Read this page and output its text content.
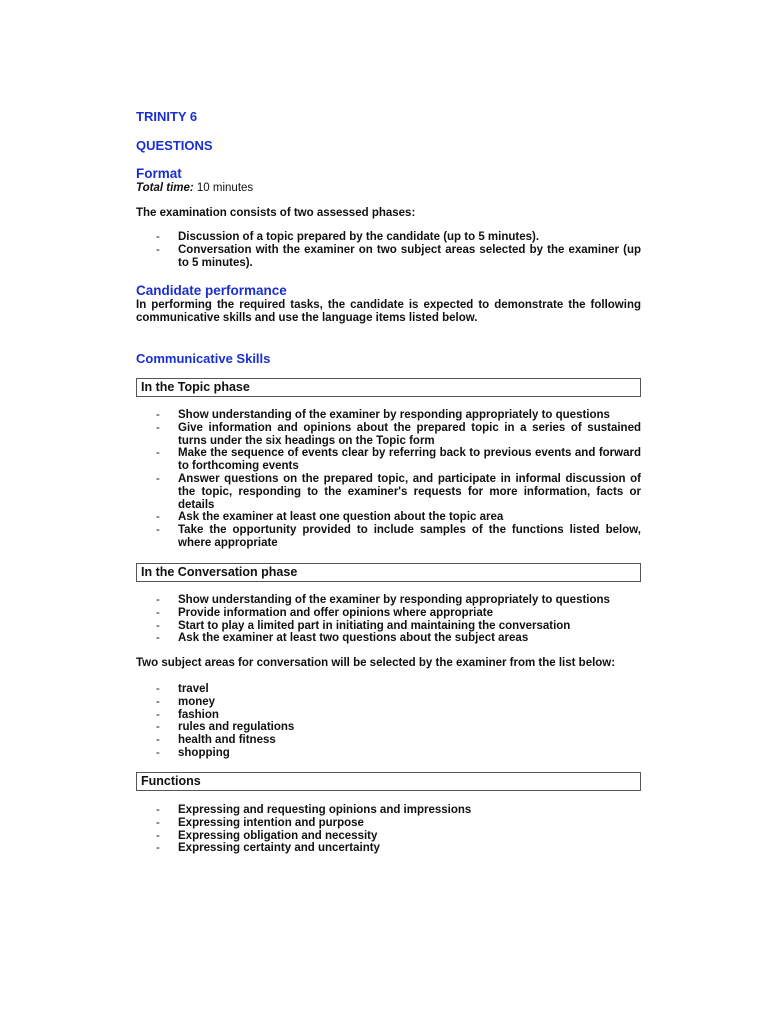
TRINITY 6

QUESTIONS

Format

Total time: 10 minutes

The examination consists of two assessed phases:

- Discussion of a topic prepared by the candidate (up to 5 minutes).
- Conversation with the examiner on two subject areas selected by the examiner (up to 5 minutes).

Candidate performance

In performing the required tasks, the candidate is expected to demonstrate the following communicative skills and use the language items listed below.

Communicative Skills

In the Topic phase
- Show understanding of the examiner by responding appropriately to questions
- Give information and opinions about the prepared topic in a series of sustained turns under the six headings on the Topic form
- Make the sequence of events clear by referring back to previous events and forward to forthcoming events
- Answer questions on the prepared topic, and participate in informal discussion of the topic, responding to the examiner's requests for more information, facts or details
- Ask the examiner at least one question about the topic area
- Take the opportunity provided to include samples of the functions listed below, where appropriate
In the Conversation phase
- Show understanding of the examiner by responding appropriately to questions
- Provide information and offer opinions where appropriate
- Start to play a limited part in initiating and maintaining the conversation
- Ask the examiner at least two questions about the subject areas

Two subject areas for conversation will be selected by the examiner from the list below:

- travel
- money
- fashion
- rules and regulations
- health and fitness
- shopping
Functions
- Expressing and requesting opinions and impressions
- Expressing intention and purpose
- Expressing obligation and necessity
- Expressing certainty and uncertainty
